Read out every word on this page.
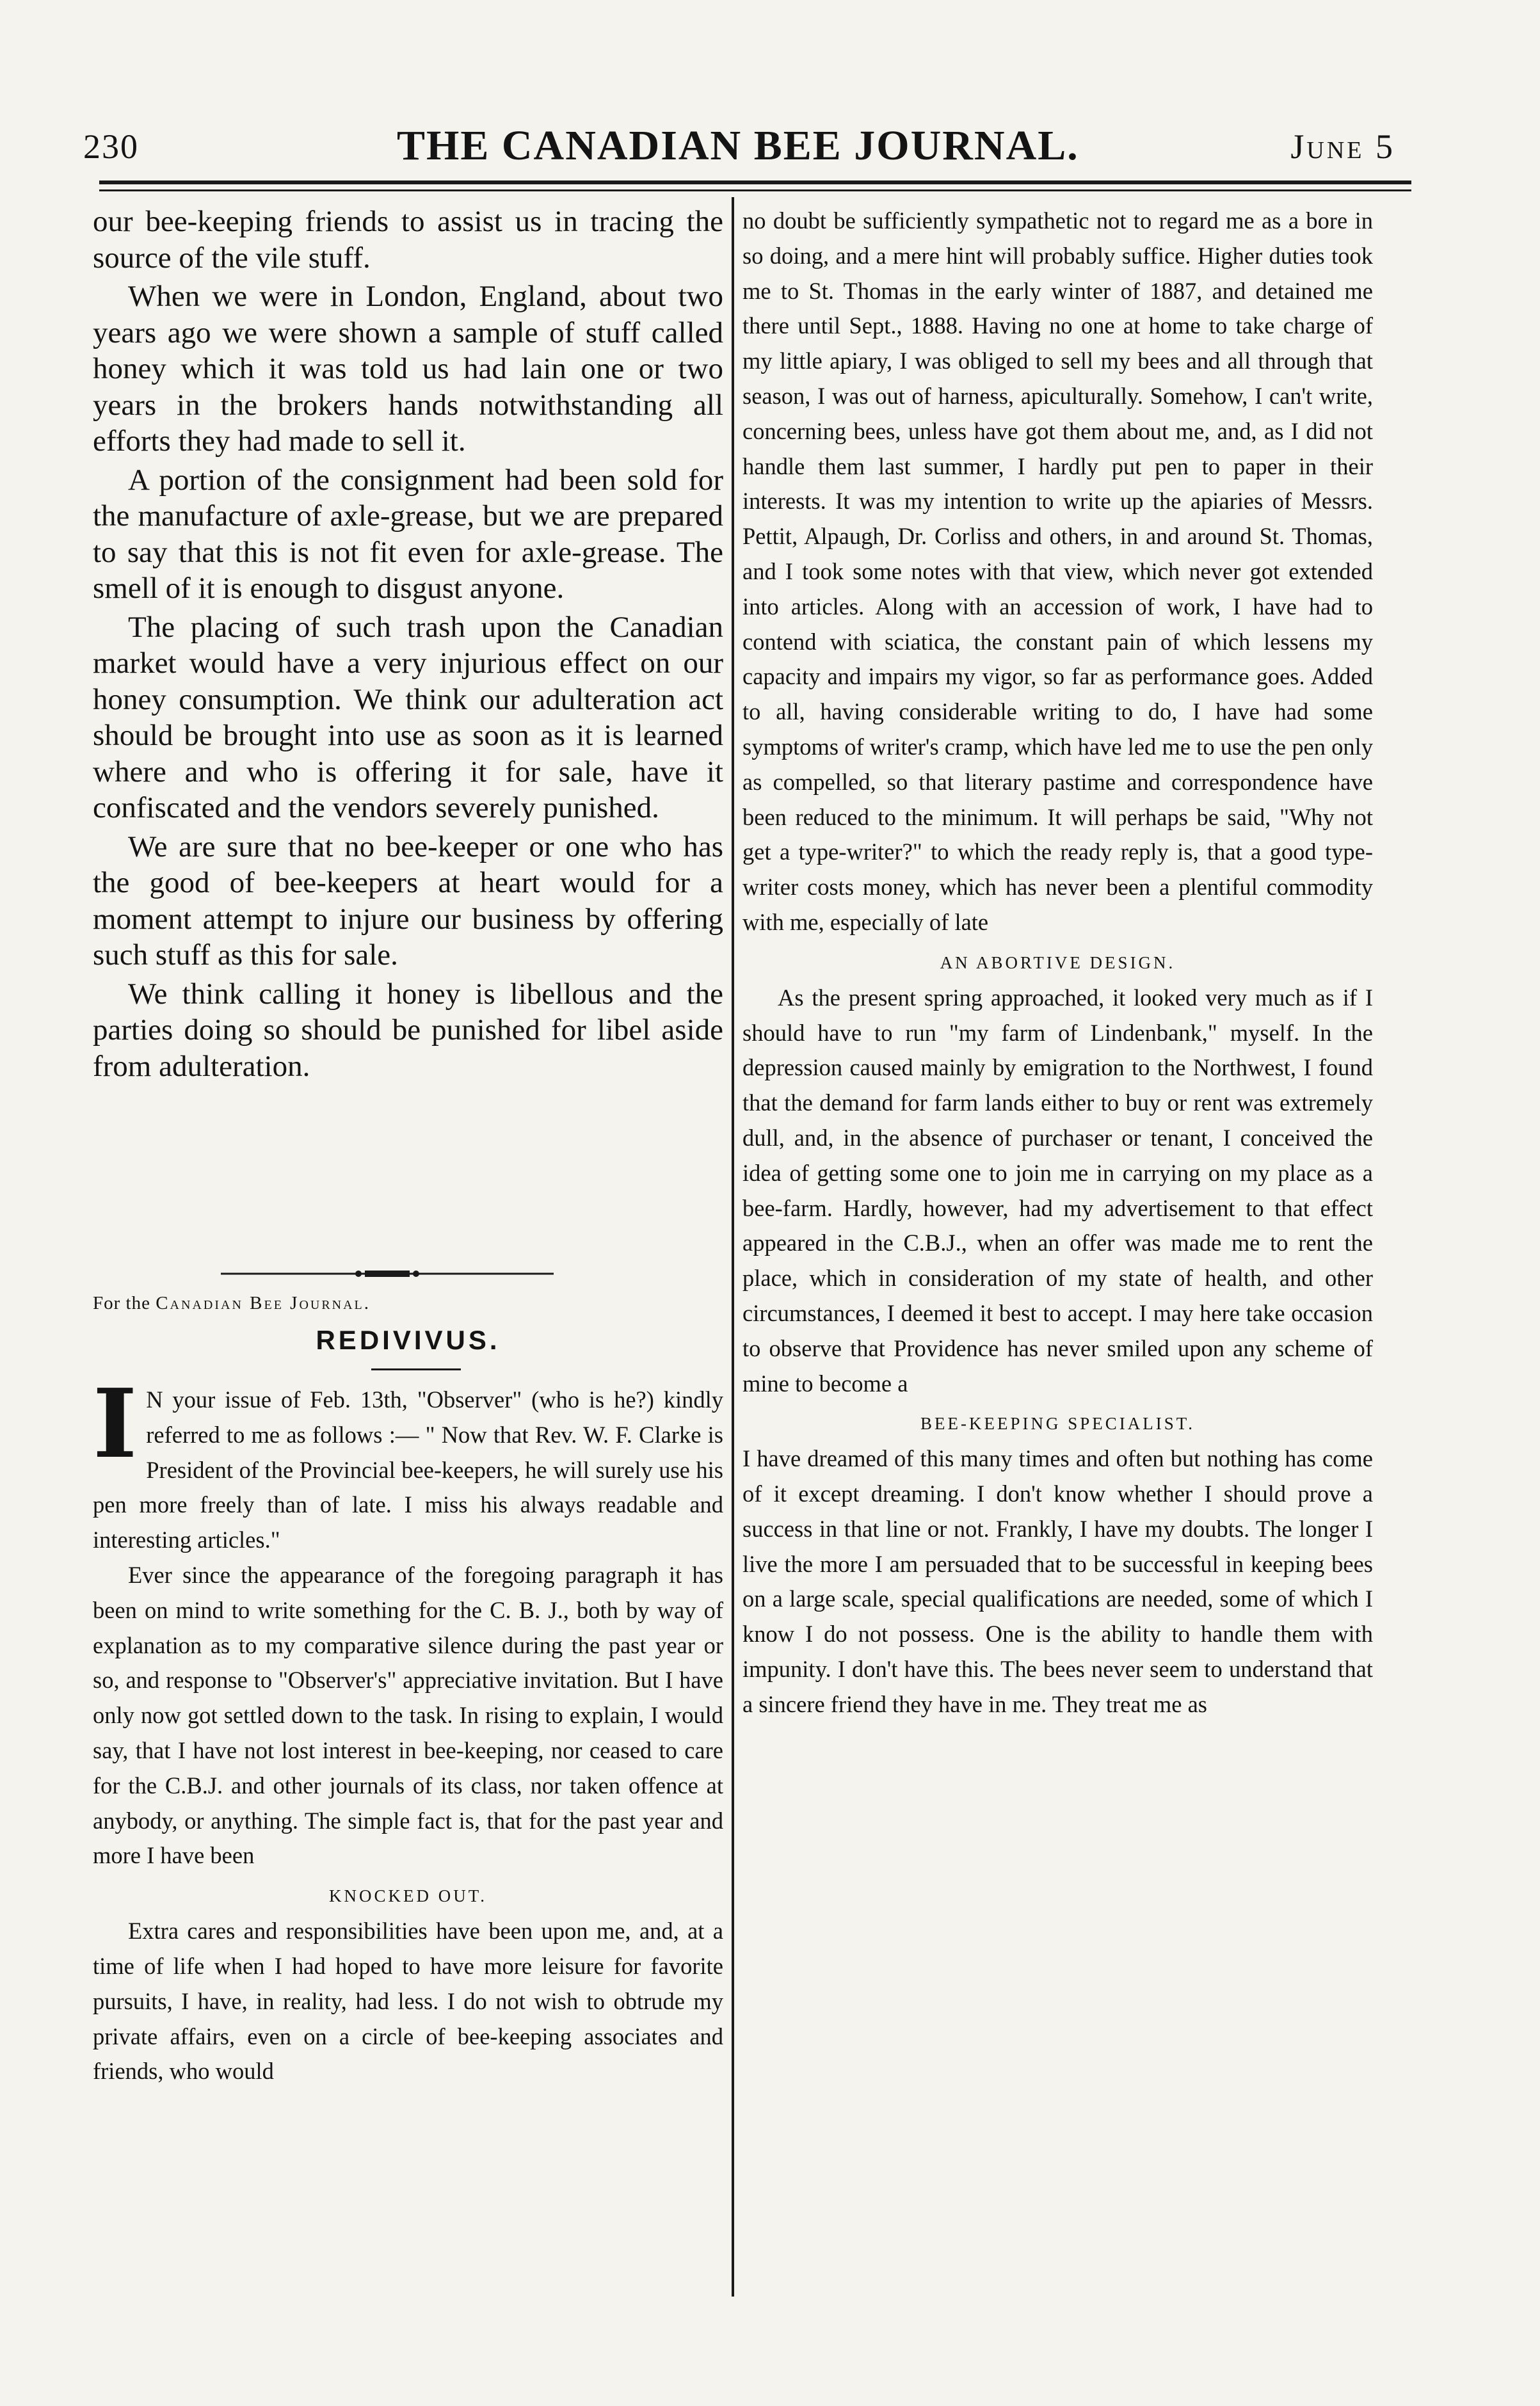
230	THE CANADIAN BEE JOURNAL.	June 5

our bee-keeping friends to assist us in tracing the source of the vile stuff.

When we were in London, England, about two years ago we were shown a sample of stuff called honey which it was told us had lain one or two years in the brokers hands notwithstanding all efforts they had made to sell it.

A portion of the consignment had been sold for the manufacture of axle-grease, but we are prepared to say that this is not fit even for axle-grease. The smell of it is enough to disgust anyone.

The placing of such trash upon the Canadian market would have a very injurious effect on our honey consumption. We think our adulteration act should be brought into use as soon as it is learned where and who is offering it for sale, have it confiscated and the vendors severely punished.

We are sure that no bee-keeper or one who has the good of bee-keepers at heart would for a moment attempt to injure our business by offering such stuff as this for sale.

We think calling it honey is libellous and the parties doing so should be punished for libel aside from adulteration.

For the Canadian Bee Journal.
REDIVIVUS.

I N your issue of Feb. 13th, "Observer" (who is he?) kindly referred to me as follows :— " Now that Rev. W. F. Clarke is President of the Provincial bee-keepers, he will surely use his pen more freely than of late. I miss his always readable and interesting articles."

Ever since the appearance of the foregoing paragraph it has been on mind to write something for the C. B. J., both by way of explanation as to my comparative silence during the past year or so, and response to "Observer's" appreciative invitation. But I have only now got settled down to the task. In rising to explain, I would say, that I have not lost interest in bee-keeping, nor ceased to care for the C.B.J. and other journals of its class, nor taken offence at anybody, or anything. The simple fact is, that for the past year and more I have been

KNOCKED OUT.

Extra cares and responsibilities have been upon me, and, at a time of life when I had hoped to have more leisure for favorite pursuits, I have, in reality, had less. I do not wish to obtrude my private affairs, even on a circle of bee-keeping associates and friends, who would

no doubt be sufficiently sympathetic not to regard me as a bore in so doing, and a mere hint will probably suffice. Higher duties took me to St. Thomas in the early winter of 1887, and detained me there until Sept., 1888. Having no one at home to take charge of my little apiary, I was obliged to sell my bees and all through that season, I was out of harness, apiculturally. Somehow, I can't write, concerning bees, unless have got them about me, and, as I did not handle them last summer, I hardly put pen to paper in their interests. It was my intention to write up the apiaries of Messrs. Pettit, Alpaugh, Dr. Corliss and others, in and around St. Thomas, and I took some notes with that view, which never got extended into articles. Along with an accession of work, I have had to contend with sciatica, the constant pain of which lessens my capacity and impairs my vigor, so far as performance goes. Added to all, having considerable writing to do, I have had some symptoms of writer's cramp, which have led me to use the pen only as compelled, so that literary pastime and correspondence have been reduced to the minimum. It will perhaps be said, "Why not get a type-writer?" to which the ready reply is, that a good type-writer costs money, which has never been a plentiful commodity with me, especially of late

AN ABORTIVE DESIGN.

As the present spring approached, it looked very much as if I should have to run "my farm of Lindenbank," myself. In the depression caused mainly by emigration to the Northwest, I found that the demand for farm lands either to buy or rent was extremely dull, and, in the absence of purchaser or tenant, I conceived the idea of getting some one to join me in carrying on my place as a bee-farm. Hardly, however, had my advertisement to that effect appeared in the C.B.J., when an offer was made me to rent the place, which in consideration of my state of health, and other circumstances, I deemed it best to accept. I may here take occasion to observe that Providence has never smiled upon any scheme of mine to become a

BEE-KEEPING SPECIALIST.

I have dreamed of this many times and often but nothing has come of it except dreaming. I don't know whether I should prove a success in that line or not. Frankly, I have my doubts. The longer I live the more I am persuaded that to be successful in keeping bees on a large scale, special qualifications are needed, some of which I know I do not possess. One is the ability to handle them with impunity. I don't have this. The bees never seem to understand that a sincere friend they have in me. They treat me as
